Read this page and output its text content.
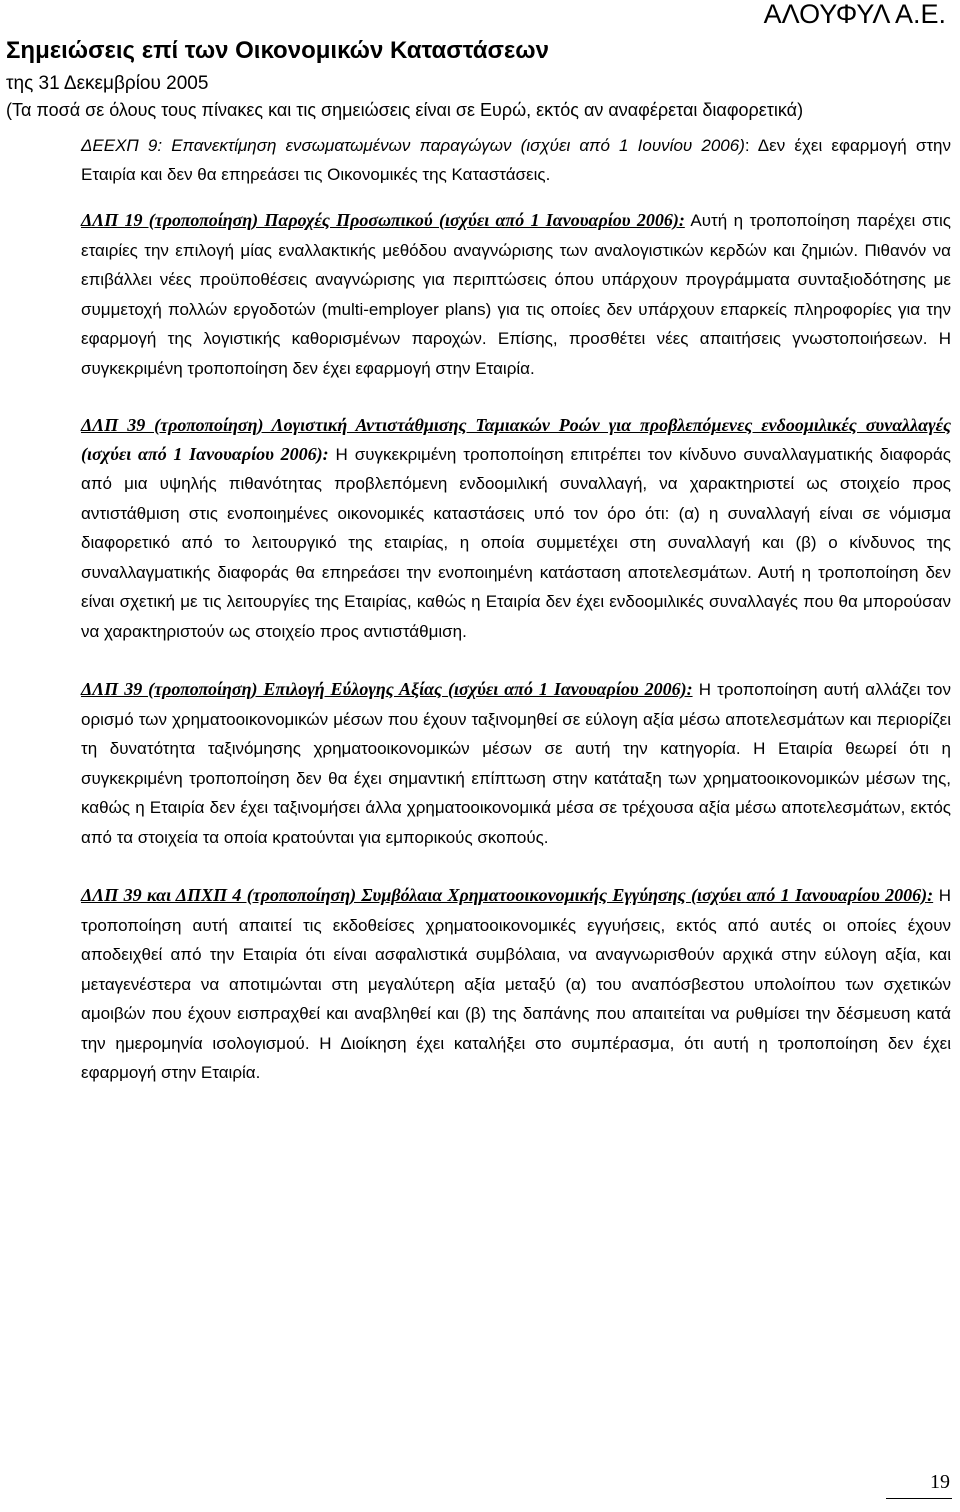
ΑΛΟΥΦΥΛ Α.Ε.
Σημειώσεις επί των Οικονομικών Καταστάσεων
της 31 Δεκεμβρίου 2005
(Τα ποσά σε όλους τους πίνακες και τις σημειώσεις είναι σε Ευρώ, εκτός αν αναφέρεται διαφορετικά)

ΔΕΕΧΠ 9: Επανεκτίμηση ενσωματωμένων παραγώγων (ισχύει από 1 Ιουνίου 2006): Δεν έχει εφαρμογή στην Εταιρία και δεν θα επηρεάσει τις Οικονομικές της Καταστάσεις.

ΔΛΠ 19 (τροποποίηση) Παροχές Προσωπικού (ισχύει από 1 Ιανουαρίου 2006): Αυτή η τροποποίηση παρέχει στις εταιρίες την επιλογή μίας εναλλακτικής μεθόδου αναγνώρισης των αναλογιστικών κερδών και ζημιών. Πιθανόν να επιβάλλει νέες προϋποθέσεις αναγνώρισης για περιπτώσεις όπου υπάρχουν προγράμματα συνταξιοδότησης με συμμετοχή πολλών εργοδοτών (multi-employer plans) για τις οποίες δεν υπάρχουν επαρκείς πληροφορίες για την εφαρμογή της λογιστικής καθορισμένων παροχών. Επίσης, προσθέτει νέες απαιτήσεις γνωστοποιήσεων. Η συγκεκριμένη τροποποίηση δεν έχει εφαρμογή στην Εταιρία.

ΔΛΠ 39 (τροποποίηση) Λογιστική Αντιστάθμισης Ταμιακών Ροών για προβλεπόμενες ενδοομιλικές συναλλαγές (ισχύει από 1 Ιανουαρίου 2006): Η συγκεκριμένη τροποποίηση επιτρέπει τον κίνδυνο συναλλαγματικής διαφοράς από μια υψηλής πιθανότητας προβλεπόμενη ενδοομιλική συναλλαγή, να χαρακτηριστεί ως στοιχείο προς αντιστάθμιση στις ενοποιημένες οικονομικές καταστάσεις υπό τον όρο ότι: (α) η συναλλαγή είναι σε νόμισμα διαφορετικό από το λειτουργικό της εταιρίας, η οποία συμμετέχει στη συναλλαγή και (β) ο κίνδυνος της συναλλαγματικής διαφοράς θα επηρεάσει την ενοποιημένη κατάσταση αποτελεσμάτων. Αυτή η τροποποίηση δεν είναι σχετική με τις λειτουργίες της Εταιρίας, καθώς η Εταιρία δεν έχει ενδοομιλικές συναλλαγές που θα μπορούσαν να χαρακτηριστούν ως στοιχείο προς αντιστάθμιση.

ΔΛΠ 39 (τροποποίηση) Επιλογή Εύλογης Αξίας (ισχύει από 1 Ιανουαρίου 2006): Η τροποποίηση αυτή αλλάζει τον ορισμό των χρηματοοικονομικών μέσων που έχουν ταξινομηθεί σε εύλογη αξία μέσω αποτελεσμάτων και περιορίζει τη δυνατότητα ταξινόμησης χρηματοοικονομικών μέσων σε αυτή την κατηγορία. Η Εταιρία θεωρεί ότι η συγκεκριμένη τροποποίηση δεν θα έχει σημαντική επίπτωση στην κατάταξη των χρηματοοικονομικών μέσων της, καθώς η Εταιρία δεν έχει ταξινομήσει άλλα χρηματοοικονομικά μέσα σε τρέχουσα αξία μέσω αποτελεσμάτων, εκτός από τα στοιχεία τα οποία κρατούνται για εμπορικούς σκοπούς.

ΔΛΠ 39 και ΔΠΧΠ 4 (τροποποίηση) Συμβόλαια Χρηματοοικονομικής Εγγύησης (ισχύει από 1 Ιανουαρίου 2006): Η τροποποίηση αυτή απαιτεί τις εκδοθείσες χρηματοοικονομικές εγγυήσεις, εκτός από αυτές οι οποίες έχουν αποδειχθεί από την Εταιρία ότι είναι ασφαλιστικά συμβόλαια, να αναγνωρισθούν αρχικά στην εύλογη αξία, και μεταγενέστερα να αποτιμώνται στη μεγαλύτερη αξία μεταξύ (α) του αναπόσβεστου υπολοίπου των σχετικών αμοιβών που έχουν εισπραχθεί και αναβληθεί και (β) της δαπάνης που απαιτείται να ρυθμίσει την δέσμευση κατά την ημερομηνία ισολογισμού. Η Διοίκηση έχει καταλήξει στο συμπέρασμα, ότι αυτή η τροποποίηση δεν έχει εφαρμογή στην Εταιρία.

19
